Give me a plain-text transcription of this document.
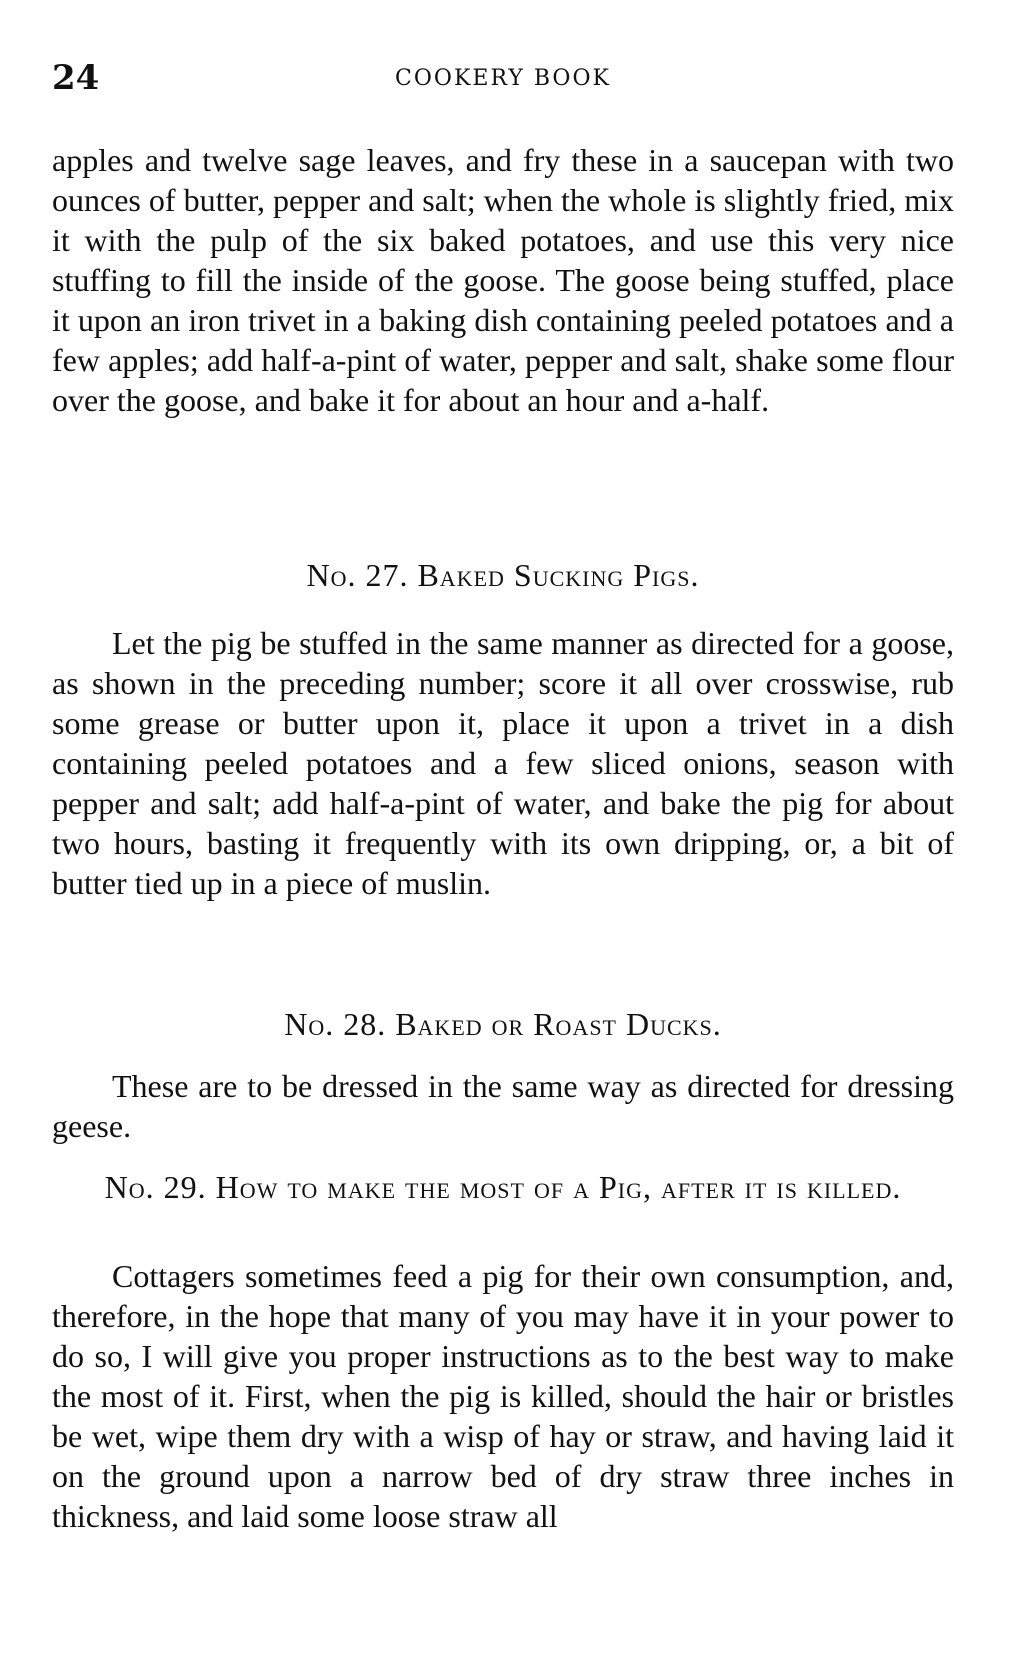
24	COOKERY BOOK

apples and twelve sage leaves, and fry these in a saucepan with two ounces of butter, pepper and salt; when the whole is slightly fried, mix it with the pulp of the six baked potatoes, and use this very nice stuffing to fill the inside of the goose. The goose being stuffed, place it upon an iron trivet in a baking dish containing peeled potatoes and a few apples; add half-a-pint of water, pepper and salt, shake some flour over the goose, and bake it for about an hour and a-half.

No. 27. Baked Sucking Pigs.

Let the pig be stuffed in the same manner as directed for a goose, as shown in the preceding number; score it all over crosswise, rub some grease or butter upon it, place it upon a trivet in a dish containing peeled potatoes and a few sliced onions, season with pepper and salt; add half-a-pint of water, and bake the pig for about two hours, basting it frequently with its own dripping, or, a bit of butter tied up in a piece of muslin.

No. 28. Baked or Roast Ducks.

These are to be dressed in the same way as directed for dressing geese.

No. 29. How to make the most of a Pig, after it is killed.

Cottagers sometimes feed a pig for their own consumption, and, therefore, in the hope that many of you may have it in your power to do so, I will give you proper instructions as to the best way to make the most of it. First, when the pig is killed, should the hair or bristles be wet, wipe them dry with a wisp of hay or straw, and having laid it on the ground upon a narrow bed of dry straw three inches in thickness, and laid some loose straw all
